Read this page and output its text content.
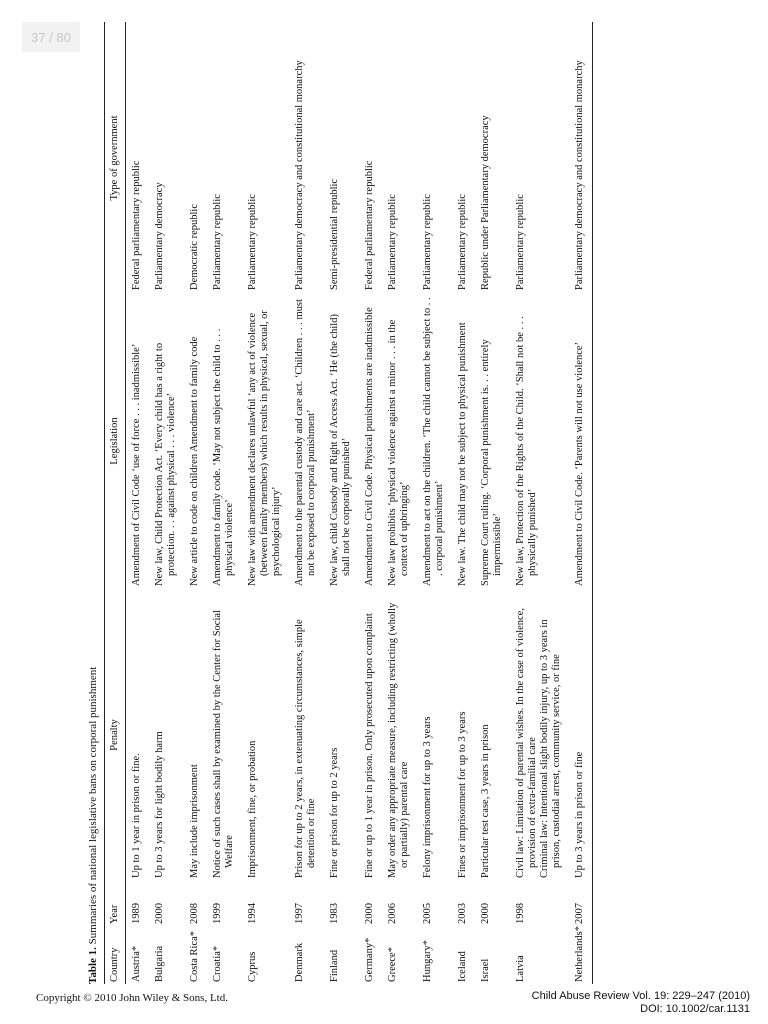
37 / 80
Table 1. Summaries of national legislative bans on corporal punishment
Country	Year	Penalty	Legislation	Type of government

Austria*	1989	Up to 1 year in prison or fine.	Amendment of Civil Code ‘use of force . . . inadmissible’	Federal parliamentary republic

Bulgaria	2000	Up to 3 years for light bodily harm	New law, Child Protection Act. ‘Every child has a right to protection. . . against physical . . . violence’	Parliamentary democracy

Costa Rica*	2008	May include imprisonment	New article to code on children Amendment to family code	Democratic republic

Croatia*	1999	Notice of such cases shall by examined by the Center for Social Welfare	Amendment to family code. ‘May not subject the child to . . . physical violence’	Parliamentary republic

Cyprus	1994	Imprisonment, fine, or probation	New law with amendment declares unlawful ‘any act of violence (between family members) which results in physical, sexual, or psychological injury’	Parliamentary republic

Denmark	1997	Prison for up to 2 years, in extenuating circumstances, simple detention or fine	Amendment to the parental custody and care act. ‘Children . . . must not be exposed to corporal punishment’	Parliamentary democracy and constitutional monarchy

Finland	1983	Fine or prison for up to 2 years	New law, child Custody and Right of Access Act. ‘He (the child) shall not be corporally punished’	Semi-presidential republic

Germany*	2000	Fine or up to 1 year in prison. Only prosecuted upon complaint	Amendment to Civil Code. Physical punishments are inadmissible	Federal parliamentary republic

Greece*	2006	May order any appropriate measure, including restricting (wholly or partially) parental care	New law prohibits ‘physical violence against a minor . . . in the context of upbringing’	Parliamentary republic

Hungary*	2005	Felony imprisonment for up to 3 years	Amendment to act on the children. ‘The child cannot be subject to . . . corporal punishment’	Parliamentary republic

Iceland	2003	Fines or imprisonment for up to 3 years	New law. The child may not be subject to physical punishment	Parliamentary republic

Israel	2000	Particular test case, 3 years in prison	Supreme Court ruling. ‘Corporal punishment is. . . entirely impermissible’	Republic under Parliamentary democracy

Latvia	1998	Civil law: Limitation of parental wishes. In the case of violence, provision of extra-familial care Criminal law: Intentional slight bodily injury, up to 3 years in prison, custodial arrest, community service, or fine	New law, Protection of the Rights of the Child. ‘Shall not be . . . physically punished’	Parliamentary republic

Netherlands*	2007	Up to 3 years in prison or fine	Amendment to Civil Code. ‘Parents will not use violence’	Parliamentary democracy and constitutional monarchy
Copyright © 2010 John Wiley & Sons, Ltd.	Child Abuse Review Vol. 19: 229–247 (2010)
DOI: 10.1002/car.1131
